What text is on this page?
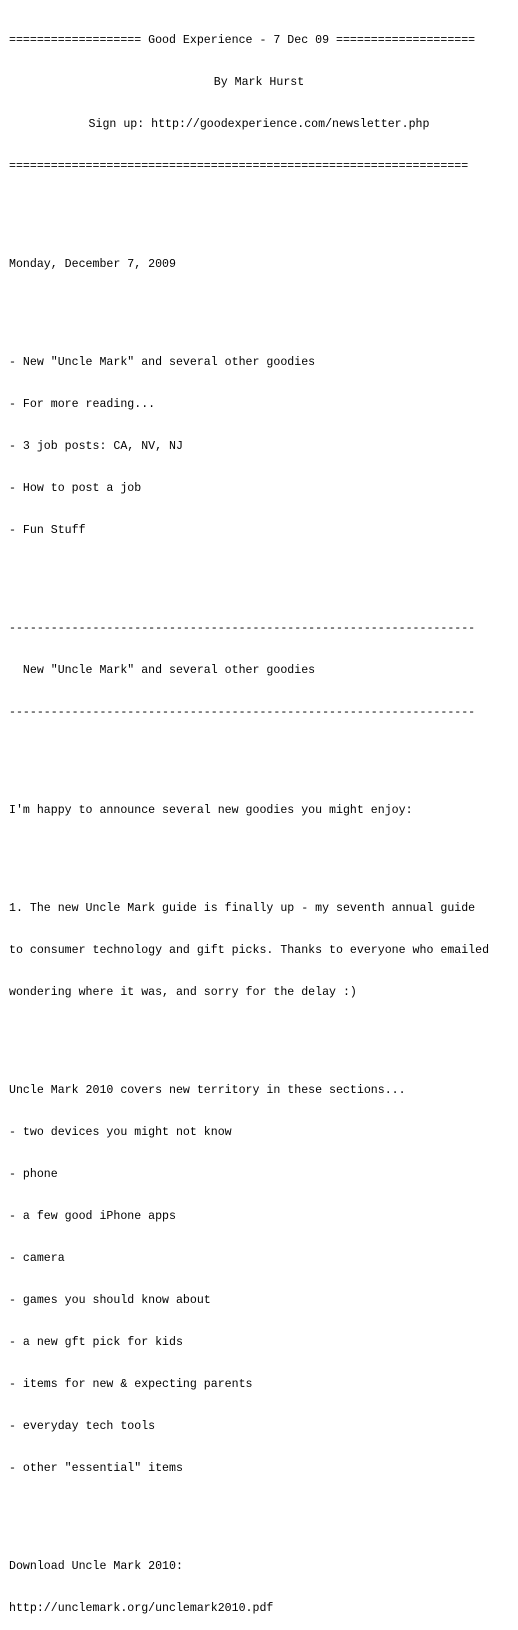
=================== Good Experience - 7 Dec 09 ====================

By Mark Hurst

Sign up: http://goodexperience.com/newsletter.php

==================================================================

Monday, December 7, 2009

- New "Uncle Mark" and several other goodies

- For more reading...

- 3 job posts: CA, NV, NJ

- How to post a job

- Fun Stuff

-------------------------------------------------------------------

New "Uncle Mark" and several other goodies

-------------------------------------------------------------------

I'm happy to announce several new goodies you might enjoy:

1. The new Uncle Mark guide is finally up - my seventh annual guide

to consumer technology and gift picks. Thanks to everyone who emailed

wondering where it was, and sorry for the delay :)

Uncle Mark 2010 covers new territory in these sections...

- two devices you might not know

- phone

- a few good iPhone apps

- camera

- games you should know about

- a new gft pick for kids

- items for new & expecting parents

- everyday tech tools

- other "essential" items

Download Uncle Mark 2010:

http://unclemark.org/unclemark2010.pdf
